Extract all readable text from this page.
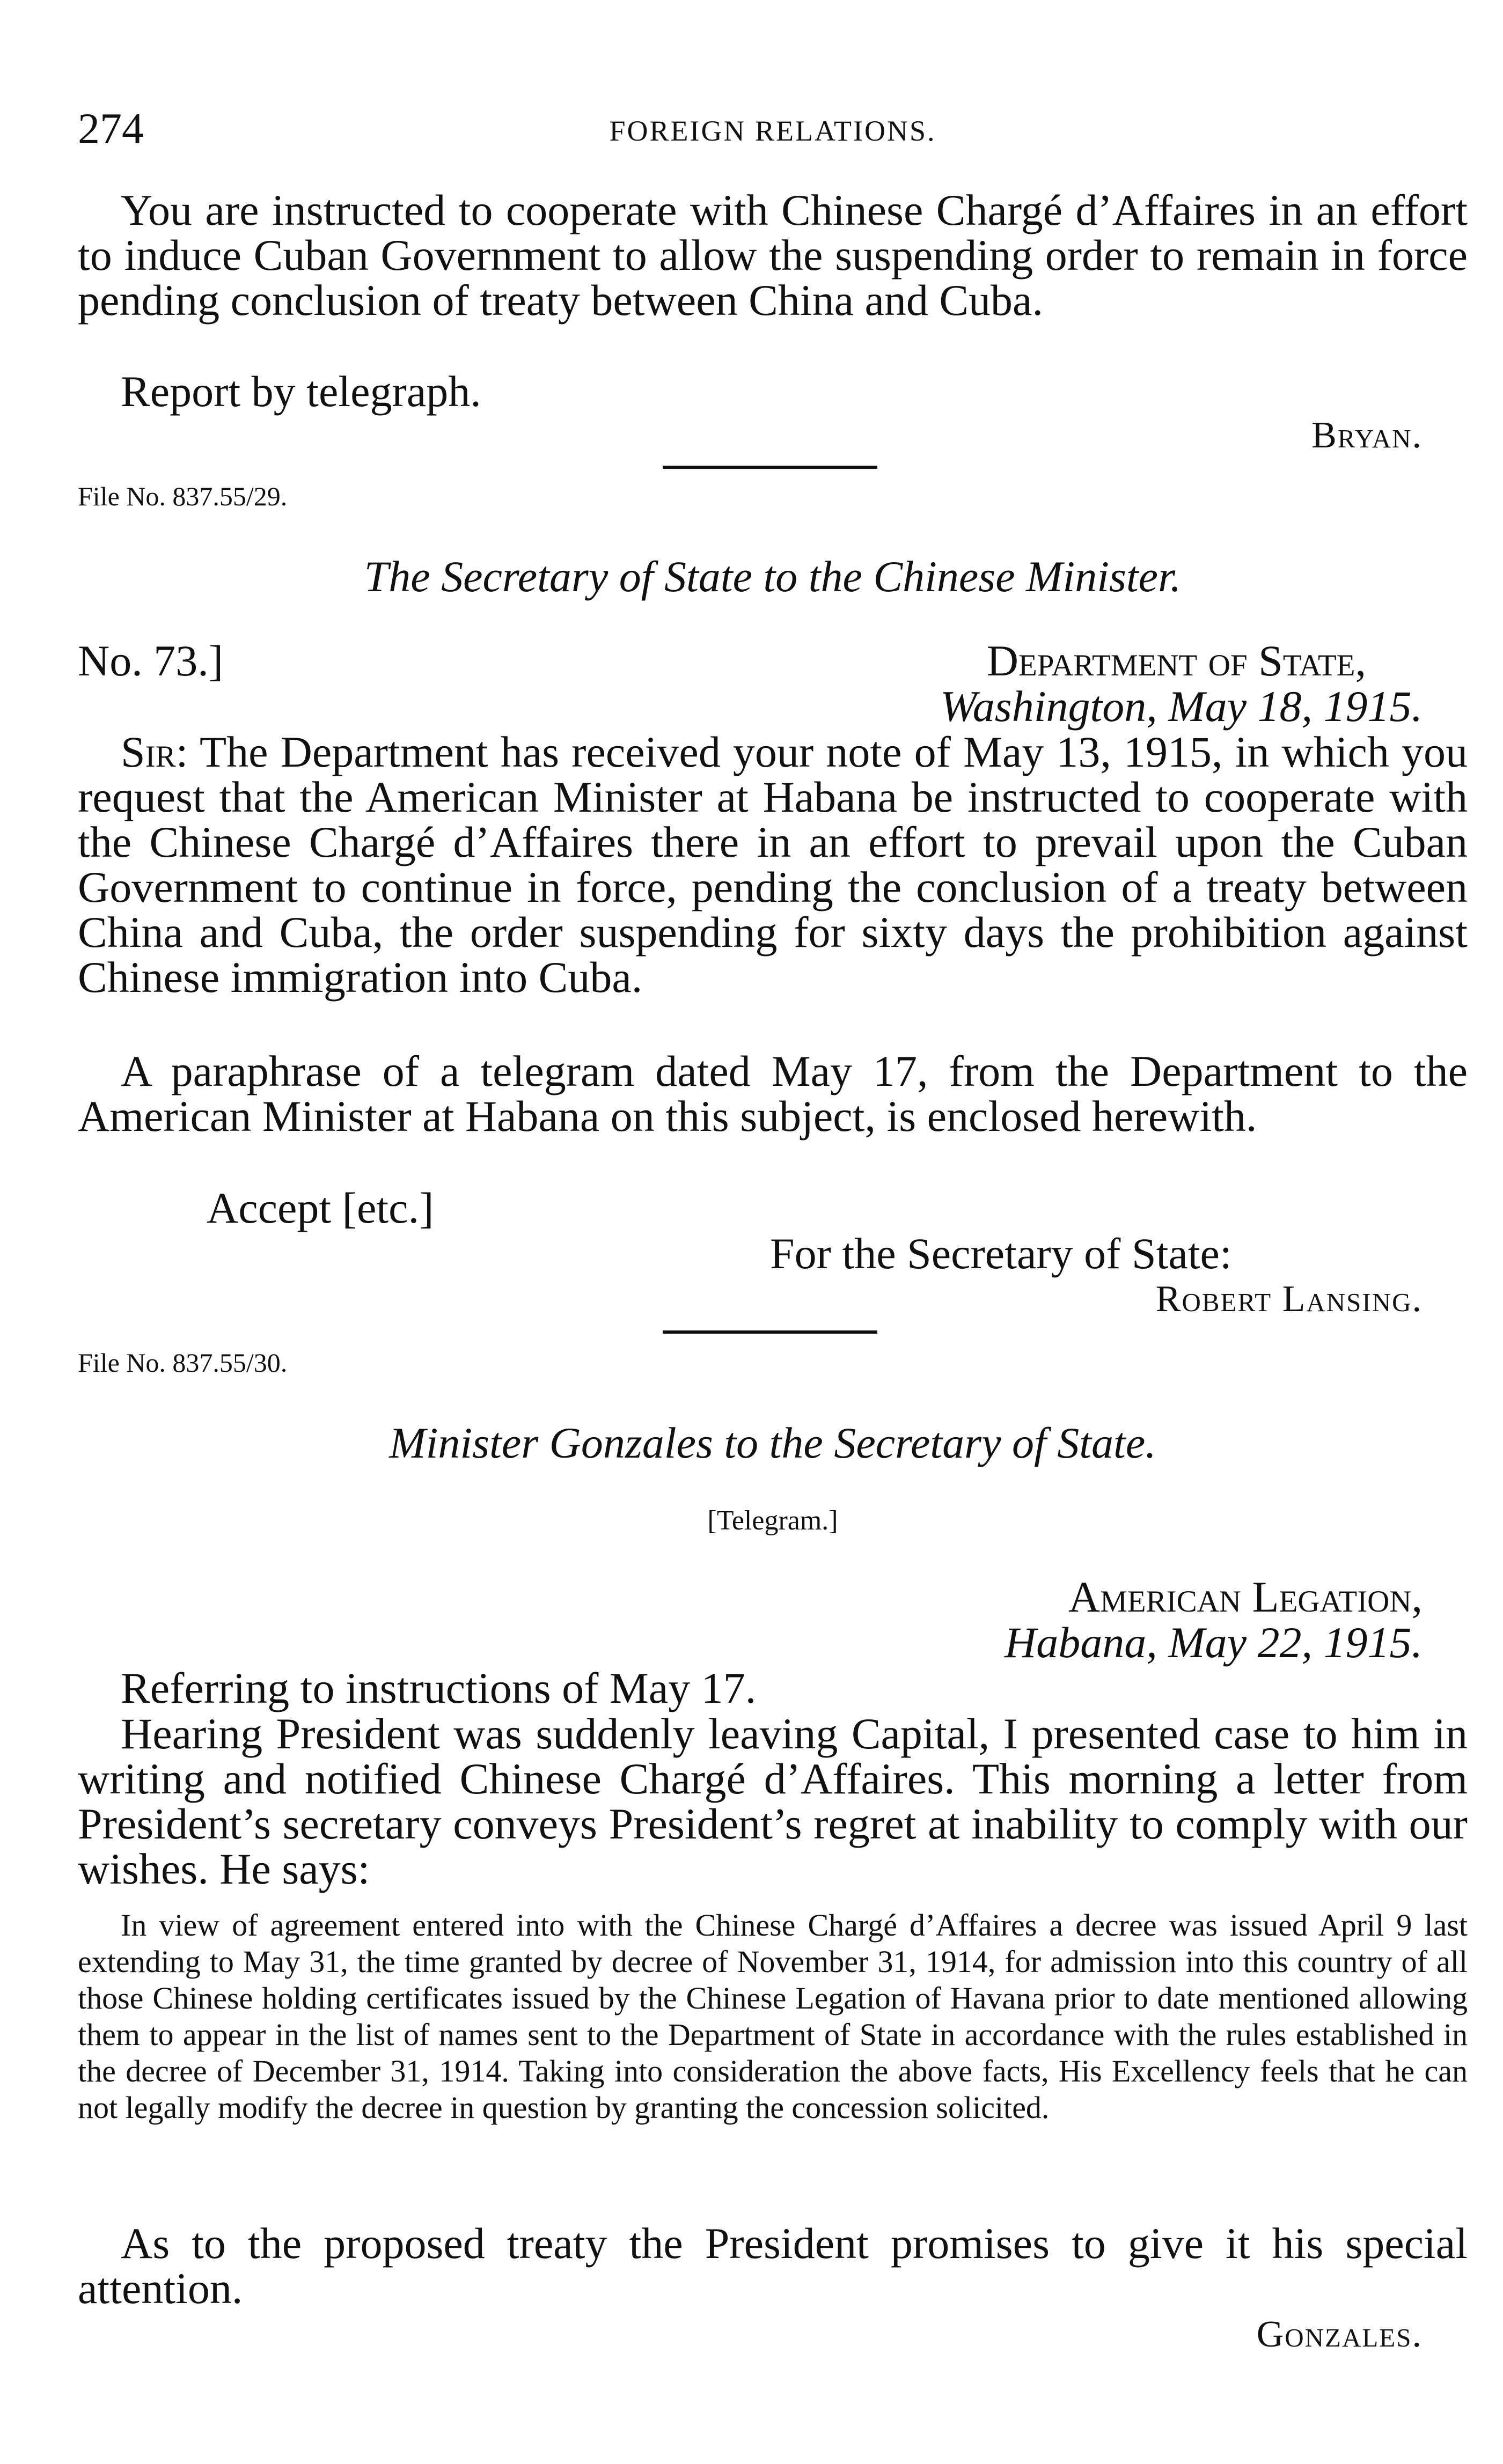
274	FOREIGN RELATIONS.

You are instructed to cooperate with Chinese Chargé d’Affaires in an effort to induce Cuban Government to allow the suspending order to remain in force pending conclusion of treaty between China and Cuba.

Report by telegraph.

Bryan.
File No. 837.55/29.
The Secretary of State to the Chinese Minister.
No. 73.]	Department of State,
Washington, May 18, 1915.

Sir: The Department has received your note of May 13, 1915, in which you request that the American Minister at Habana be instructed to cooperate with the Chinese Chargé d’Affaires there in an effort to prevail upon the Cuban Government to continue in force, pending the conclusion of a treaty between China and Cuba, the order suspending for sixty days the prohibition against Chinese immigration into Cuba.

A paraphrase of a telegram dated May 17, from the Department to the American Minister at Habana on this subject, is enclosed herewith.

Accept [etc.]
For the Secretary of State:
Robert Lansing.
File No. 837.55/30.
Minister Gonzales to the Secretary of State.
[Telegram.]
American Legation,
Habana, May 22, 1915.

Referring to instructions of May 17.

Hearing President was suddenly leaving Capital, I presented case to him in writing and notified Chinese Chargé d’Affaires. This morning a letter from President’s secretary conveys President’s regret at inability to comply with our wishes. He says:

In view of agreement entered into with the Chinese Chargé d’Affaires a decree was issued April 9 last extending to May 31, the time granted by decree of November 31, 1914, for admission into this country of all those Chinese holding certificates issued by the Chinese Legation of Havana prior to date mentioned allowing them to appear in the list of names sent to the Department of State in accordance with the rules established in the decree of December 31, 1914. Taking into consideration the above facts, His Excellency feels that he can not legally modify the decree in question by granting the concession solicited.

As to the proposed treaty the President promises to give it his special attention.

Gonzales.
